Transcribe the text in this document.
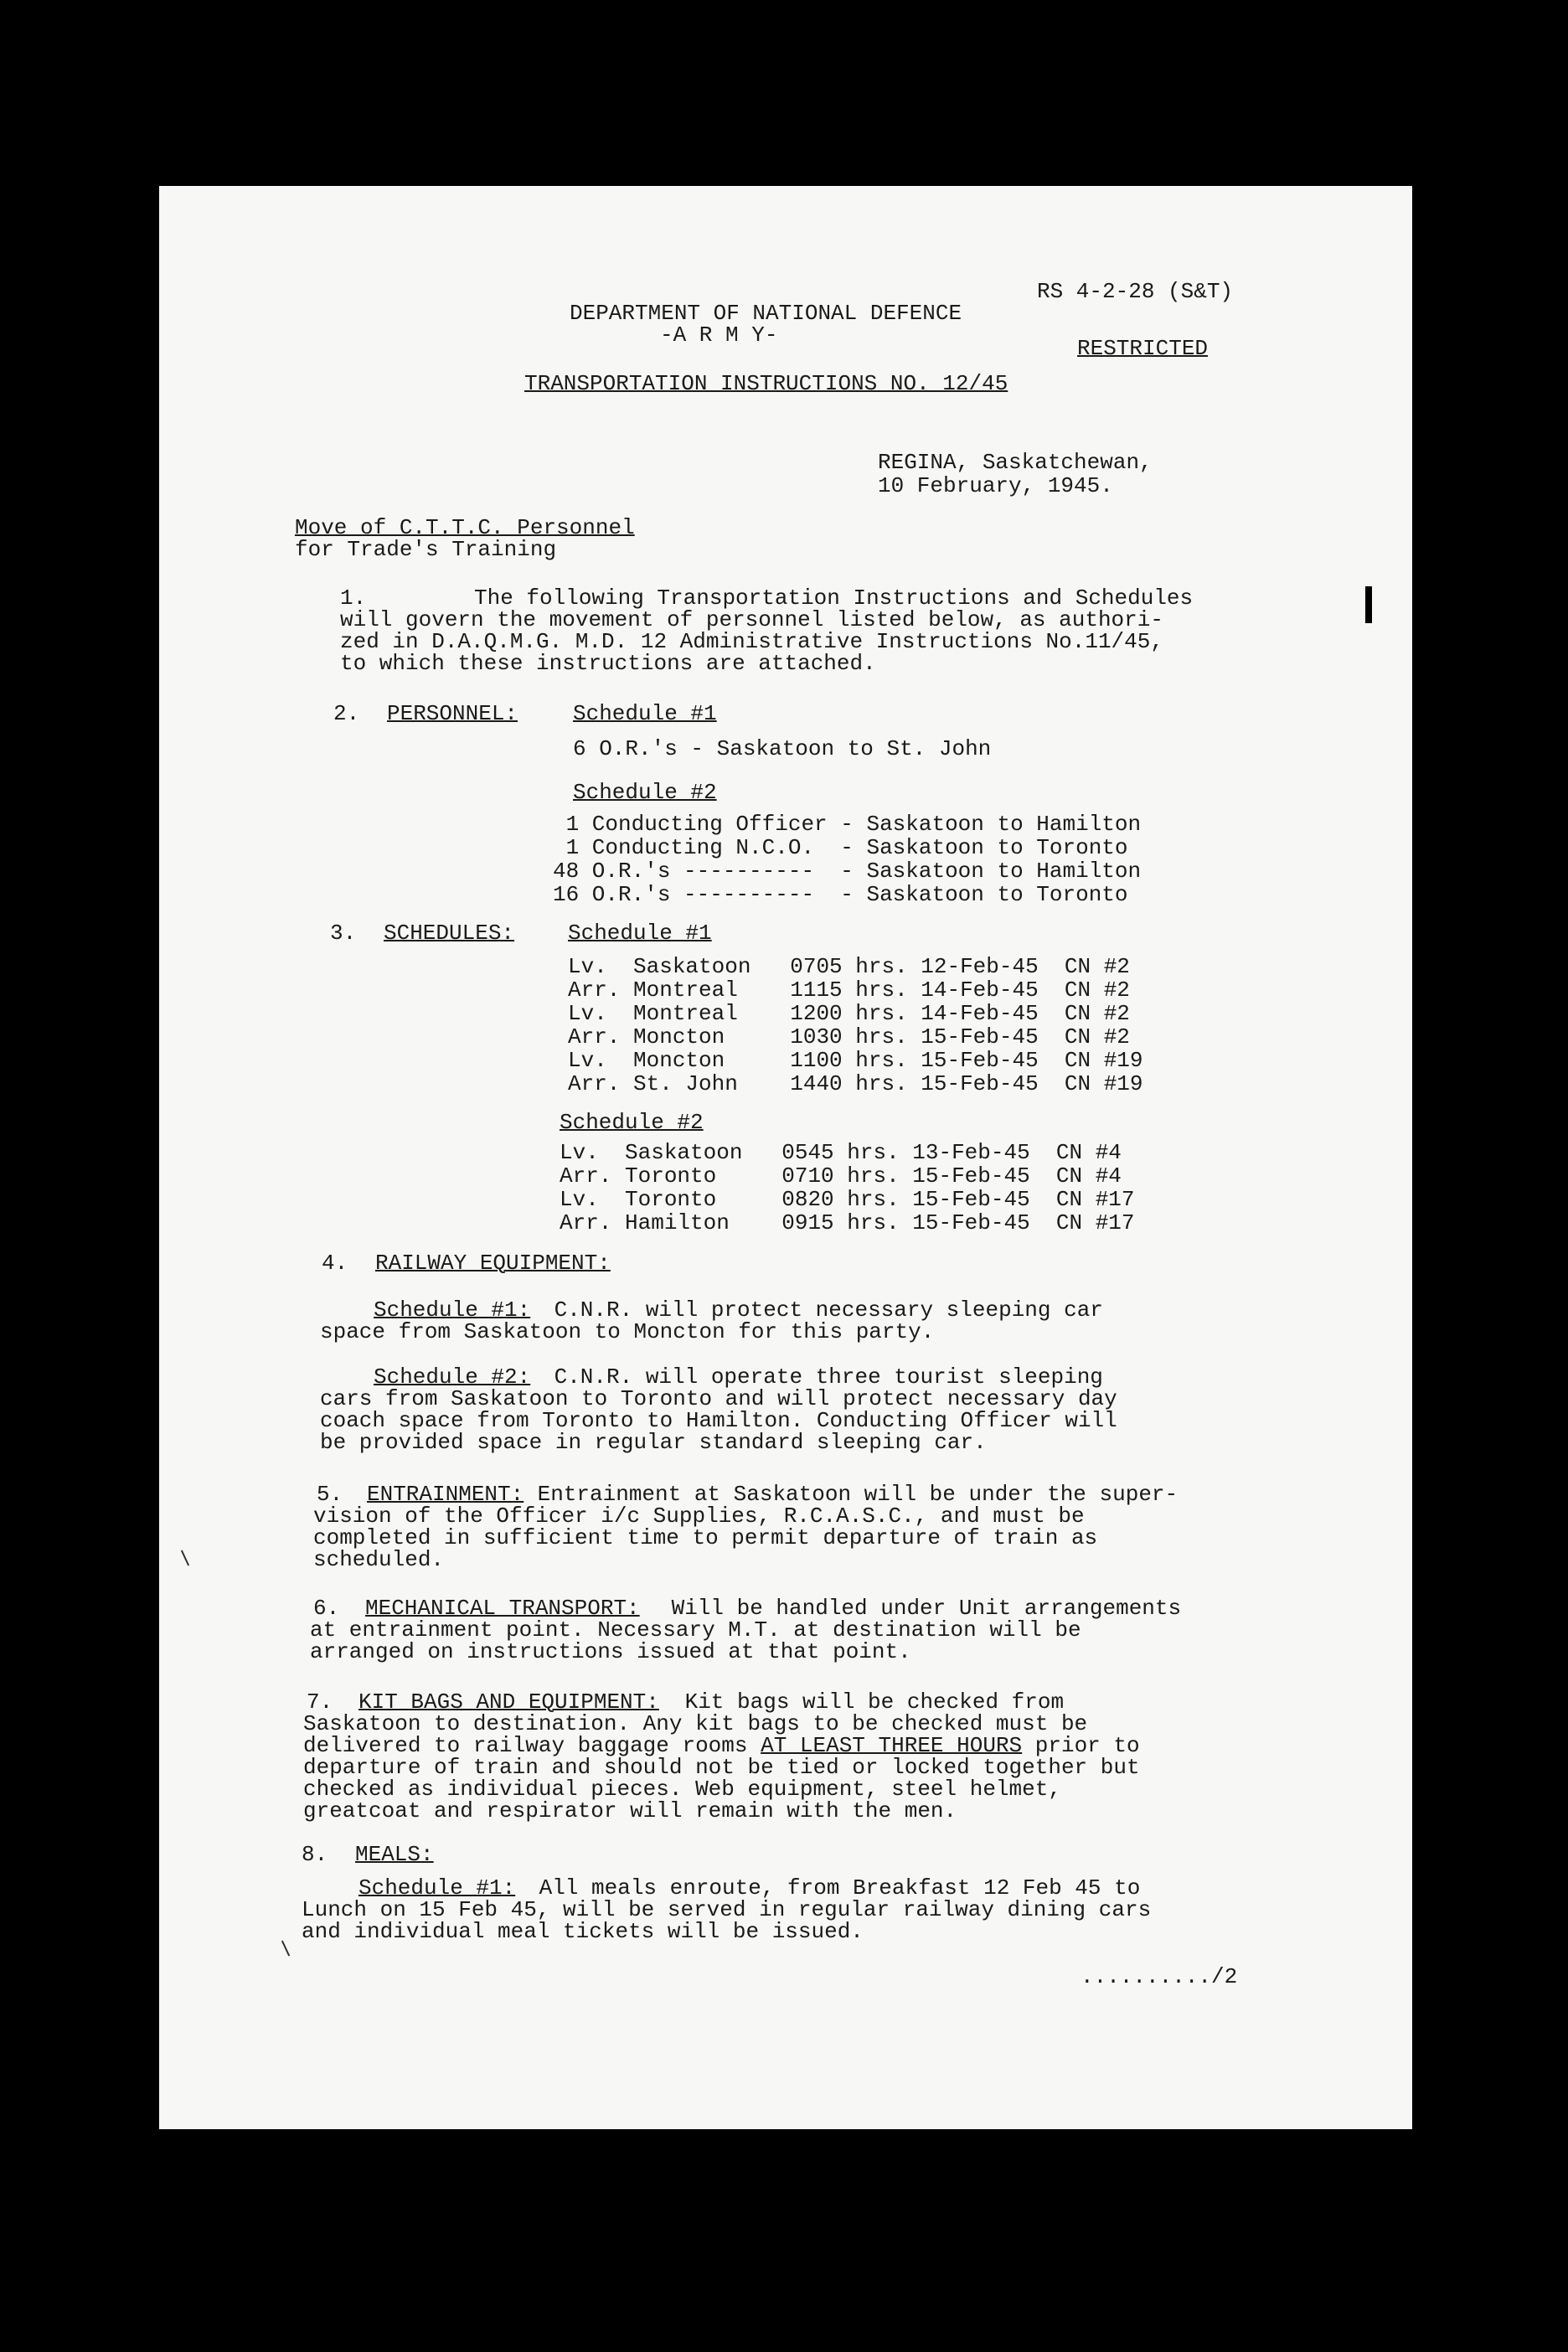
RS 4-2-28 (S&T)
DEPARTMENT OF NATIONAL DEFENCE
-A R M Y-
RESTRICTED
TRANSPORTATION INSTRUCTIONS NO. 12/45
REGINA, Saskatchewan,
10 February, 1945.
Move of C.T.T.C. Personnel
for Trade's Training
1.	The following Transportation Instructions and Schedules
will govern the movement of personnel listed below, as authori-
zed in D.A.Q.M.G. M.D. 12 Administrative Instructions No.11/45,
to which these instructions are attached.
2. PERSONNEL:	Schedule #1
6 O.R.'s - Saskatoon to St. John
Schedule #2
1 Conducting Officer - Saskatoon to Hamilton
1 Conducting N.C.O.  - Saskatoon to Toronto
48 O.R.'s ----------  - Saskatoon to Hamilton
16 O.R.'s ----------  - Saskatoon to Toronto
3. SCHEDULES: Schedule #1
Lv.  Saskatoon   0705 hrs. 12-Feb-45  CN #2
Arr. Montreal    1115 hrs. 14-Feb-45  CN #2
Lv.  Montreal    1200 hrs. 14-Feb-45  CN #2
Arr. Moncton     1030 hrs. 15-Feb-45  CN #2
Lv.  Moncton     1100 hrs. 15-Feb-45  CN #19
Arr. St. John    1440 hrs. 15-Feb-45  CN #19
Schedule #2
Lv.  Saskatoon   0545 hrs. 13-Feb-45  CN #4
Arr. Toronto     0710 hrs. 15-Feb-45  CN #4
Lv.  Toronto     0820 hrs. 15-Feb-45  CN #17
Arr. Hamilton    0915 hrs. 15-Feb-45  CN #17
4. RAILWAY EQUIPMENT:
Schedule #1: C.N.R. will protect necessary sleeping car
space from Saskatoon to Moncton for this party.
Schedule #2: C.N.R. will operate three tourist sleeping
cars from Saskatoon to Toronto and will protect necessary day
coach space from Toronto to Hamilton. Conducting Officer will
be provided space in regular standard sleeping car.
5. ENTRAINMENT: Entrainment at Saskatoon will be under the super-
vision of the Officer i/c Supplies, R.C.A.S.C., and must be
completed in sufficient time to permit departure of train as
scheduled.
6. MECHANICAL TRANSPORT: Will be handled under Unit arrangements
at entrainment point. Necessary M.T. at destination will be
arranged on instructions issued at that point.
7. KIT BAGS AND EQUIPMENT: Kit bags will be checked from
Saskatoon to destination. Any kit bags to be checked must be
delivered to railway baggage rooms AT LEAST THREE HOURS prior to
departure of train and should not be tied or locked together but
checked as individual pieces. Web equipment, steel helmet,
greatcoat and respirator will remain with the men.
8. MEALS:
Schedule #1: All meals enroute, from Breakfast 12 Feb 45 to
Lunch on 15 Feb 45, will be served in regular railway dining cars
and individual meal tickets will be issued.
........../2
